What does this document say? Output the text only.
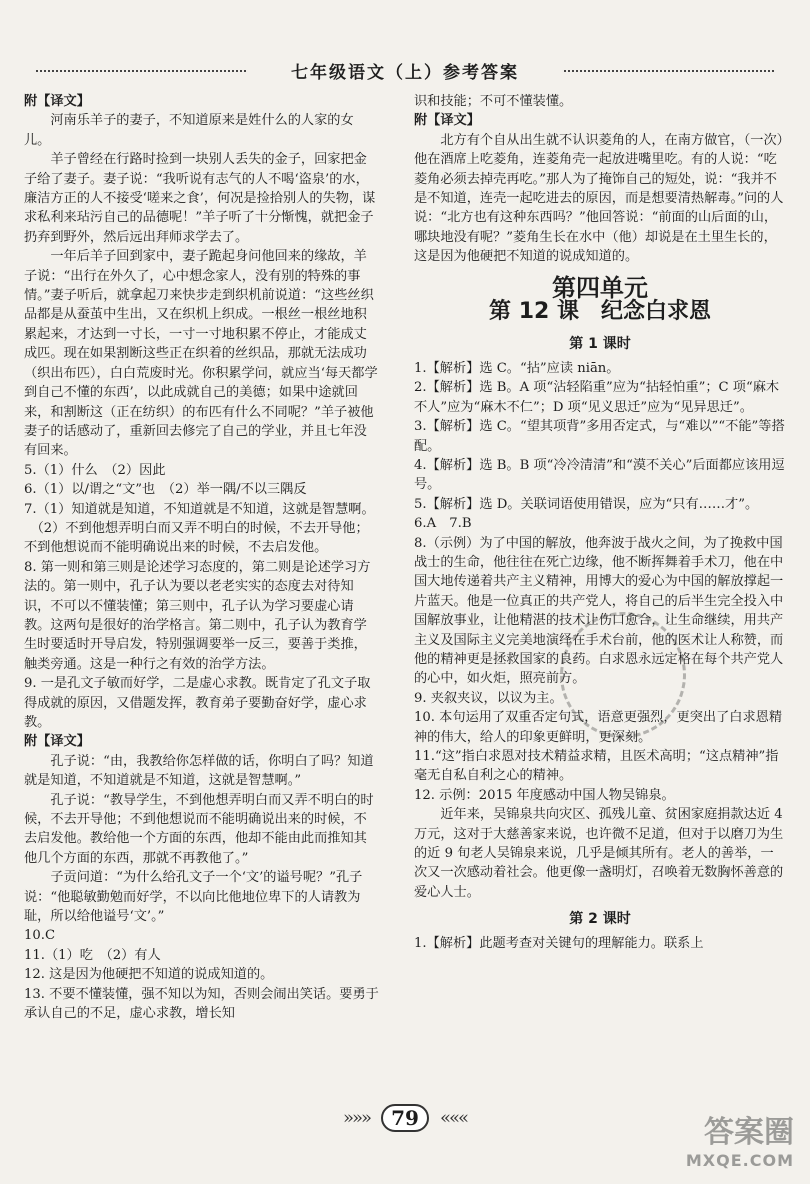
七年级语文（上）参考答案

附【译文】

　　河南乐羊子的妻子，不知道原来是姓什么的人家的女儿。

　　羊子曾经在行路时捡到一块别人丢失的金子，回家把金子给了妻子。妻子说：“我听说有志气的人不喝‘盗泉’的水，廉洁方正的人不接受‘嗟来之食’，何况是捡拾别人的失物，谋求私利来玷污自己的品德呢！”羊子听了十分惭愧，就把金子扔弃到野外，然后远出拜师求学去了。

　　一年后羊子回到家中，妻子跪起身问他回来的缘故，羊子说：“出行在外久了，心中想念家人，没有别的特殊的事情。”妻子听后，就拿起刀来快步走到织机前说道：“这些丝织品都是从蚕茧中生出，又在织机上织成。一根丝一根丝地积累起来，才达到一寸长，一寸一寸地积累不停止，才能成丈成匹。现在如果割断这些正在织着的丝织品，那就无法成功（织出布匹），白白荒废时光。你积累学问，就应当‘每天都学到自己不懂的东西’，以此成就自己的美德；如果中途就回来，和割断这（正在纺织）的布匹有什么不同呢？”羊子被他妻子的话感动了，重新回去修完了自己的学业，并且七年没有回来。

5.（1）什么　（2）因此

6.（1）以/谓之“文”也　（2）举一隅/不以三隅反

7.（1）知道就是知道，不知道就是不知道，这就是智慧啊。

　（2）不到他想弄明白而又弄不明白的时候，不去开导他；不到他想说而不能明确说出来的时候，不去启发他。

8. 第一则和第三则是论述学习态度的，第二则是论述学习方法的。第一则中，孔子认为要以老老实实的态度去对待知识，不可以不懂装懂；第三则中，孔子认为学习要虚心请教。这两句是很好的治学格言。第二则中，孔子认为教育学生时要适时开导启发，特别强调要举一反三，要善于类推，触类旁通。这是一种行之有效的治学方法。

9. 一是孔文子敏而好学，二是虚心求教。既肯定了孔文子取得成就的原因，又借题发挥，教育弟子要勤奋好学，虚心求教。

附【译文】

　　孔子说：“由，我教给你怎样做的话，你明白了吗？知道就是知道，不知道就是不知道，这就是智慧啊。”

　　孔子说：“教导学生，不到他想弄明白而又弄不明白的时候，不去开导他；不到他想说而不能明确说出来的时候，不去启发他。教给他一个方面的东西，他却不能由此而推知其他几个方面的东西，那就不再教他了。”

　　子贡问道：“为什么给孔文子一个‘文’的谥号呢？”孔子说：“他聪敏勤勉而好学，不以向比他地位卑下的人请教为耻，所以给他谥号‘文’。”

10.C

11.（1）吃　（2）有人

12. 这是因为他硬把不知道的说成知道的。

13. 不要不懂装懂，强不知以为知，否则会闹出笑话。要勇于承认自己的不足，虚心求教，增长知

识和技能；不可不懂装懂。

附【译文】

　　北方有个自从出生就不认识菱角的人，在南方做官，（一次）他在酒席上吃菱角，连菱角壳一起放进嘴里吃。有的人说：“吃菱角必须去掉壳再吃。”那人为了掩饰自己的短处，说：“我并不是不知道，连壳一起吃进去的原因，而是想要清热解毒。”问的人说：“北方也有这种东西吗？”他回答说：“前面的山后面的山，哪块地没有呢？”菱角生长在水中（他）却说是在土里生长的，这是因为他硬把不知道的说成知道的。

第四单元
第 12 课　纪念白求恩
第 1 课时

1.【解析】选 C。“拈”应读 niān。

2.【解析】选 B。A 项“沾轻陷重”应为“拈轻怕重”；C 项“麻木不人”应为“麻木不仁”；D 项“见义思迁”应为“见异思迁”。

3.【解析】选 C。“望其项背”多用否定式，与“难以”“不能”等搭配。

4.【解析】选 B。B 项“冷冷清清”和“漠不关心”后面都应该用逗号。

5.【解析】选 D。关联词语使用错误，应为“只有……才”。

6.A　7.B

8.（示例）为了中国的解放，他奔波于战火之间，为了挽救中国战士的生命，他往往在死亡边缘，他不断挥舞着手术刀，他在中国大地传递着共产主义精神，用博大的爱心为中国的解放撑起一片蓝天。他是一位真正的共产党人，将自己的后半生完全投入中国解放事业，让他精湛的技术让伤口愈合，让生命继续，用共产主义及国际主义完美地演绎在手术台前，他的医术让人称赞，而他的精神更是拯救国家的良药。白求恩永远定格在每个共产党人的心中，如火炬，照亮前方。

9. 夹叙夹议，以议为主。

10. 本句运用了双重否定句式，语意更强烈，更突出了白求恩精神的伟大，给人的印象更鲜明，更深刻。

11.“这”指白求恩对技术精益求精，且医术高明；“这点精神”指毫无自私自利之心的精神。

12. 示例：2015 年度感动中国人物吴锦泉。

　　近年来，吴锦泉共向灾区、孤残儿童、贫困家庭捐款达近 4 万元，这对于大慈善家来说，也许微不足道，但对于以磨刀为生的近 9 旬老人吴锦泉来说，几乎是倾其所有。老人的善举，一次又一次感动着社会。他更像一盏明灯，召唤着无数胸怀善意的爱心人士。

第 2 课时

1.【解析】此题考查对关键句的理解能力。联系上

»»» 79 «««	答案圈
MXQE.COM
